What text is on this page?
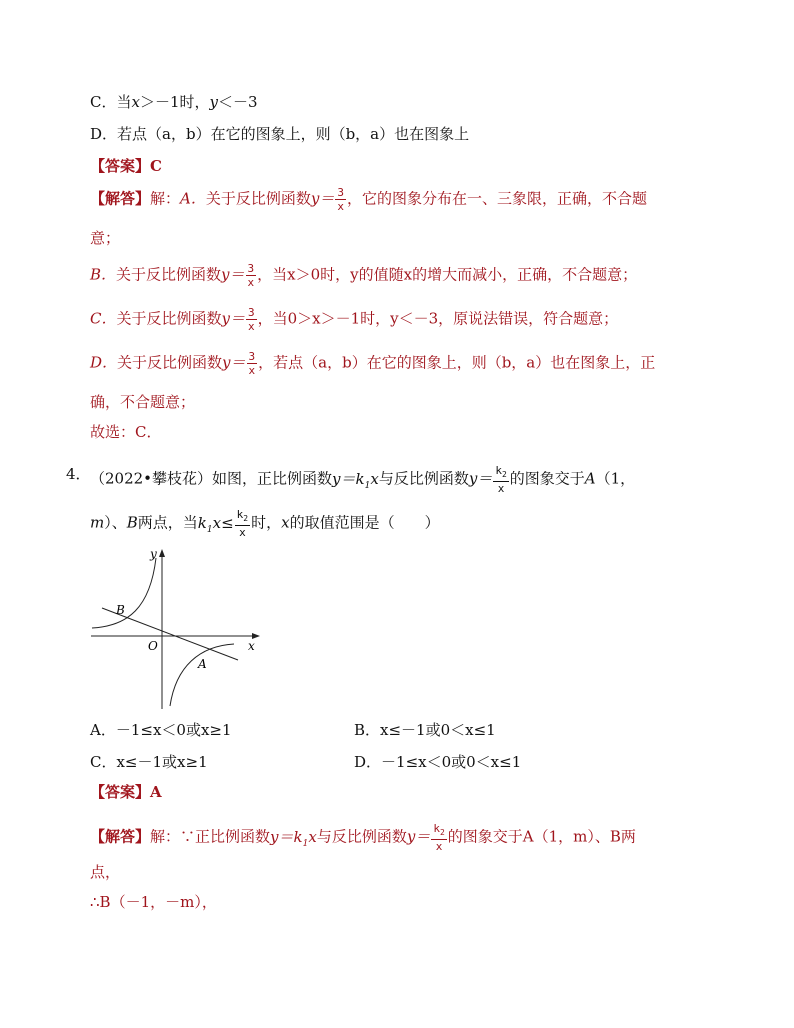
C．当x＞－1时，y＜－3
D．若点（a，b）在它的图象上，则（b，a）也在图象上
【答案】C
【解答】解：A．关于反比例函数$y= \frac{3}{x}$ ，它的图象分布在一、三象限，正确，不合题
意；
B．关于反比例函数$y= \frac{3}{x}$ ，当x＞0时，y的值随x的增大而减小，正确，不合题意；
C．关于反比例函数$y= \frac{3}{x}$ ，当0＞x＞－1时，y＜－3，原说法错误，符合题意；
D．关于反比例函数$y= \frac{3}{x}$ ，若点（a，b）在它的图象上，则（b，a）也在图象上，正
确，不合题意；
故选：C．
4． （2022•攀枝花）如图，正比例函数$y=k_1x$与反比例函数$y= \frac{k_2}{x}$ 的图象交于A（1，
m）、B两点，当$k_1x\le \frac{k_2}{x}$ 时，x的取值范围是（　　）
y
x
O
A
B
A．－1≤x＜0或x≥1	B．x≤－1或0＜x≤1
C．x≤－1或x≥1	D．－1≤x＜0或0＜x≤1
【答案】A
【解答】解：∵正比例函数$y=k_1x$与反比例函数$y= \frac{k_2}{x}$ 的图象交于A（1，m）、B两
点，
∴B（－1，－m），
